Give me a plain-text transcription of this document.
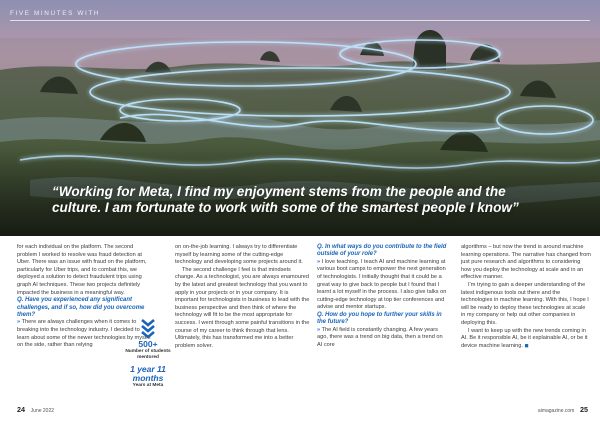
FIVE MINUTES WITH
“Working for Meta, I find my enjoyment stems from the people and the culture. I am fortunate to work with some of the smartest people I know”

for each individual on the platform. The second problem I worked to resolve was fraud detection at Uber. There was an issue with fraud on the platform, particularly for Uber trips, and to combat this, we deployed a solution to detect fraudulent trips using graph AI techniques. These two projects definitely impacted the business in a meaningful way.

Q. Have you experienced any significant challenges, and if so, how did you overcome them?

» There are always challenges when it comes to breaking into the technology industry. I decided to learn about some of the newer technologies by myself on the side, rather than relying	500+
Number of students mentored
1 year 11 months
Years at Meta

on on-the-job learning. I always try to differentiate myself by learning some of the cutting-edge technology and developing some projects around it.

The second challenge I feel is that mindsets change. As a technologist, you are always enamoured by the latest and greatest technology that you want to apply in your projects or in your company. It is important for technologists in business to lead with the business perspective and then think of where the technology will fit to be the most appropriate for success. I went through some painful transitions in the course of my career to think through that lens. Ultimately, this has transformed me into a better problem solver.

Q. In what ways do you contribute to the field outside of your role?

» I love teaching. I teach AI and machine learning at various boot camps to empower the next generation of technologists. I initially thought that it could be a great way to give back to people but I found that I learnt a lot myself in the process. I also give talks on cutting-edge technology at top tier conferences and advise and mentor startups.

Q. How do you hope to further your skills in the future?

» The AI field is constantly changing. A few years ago, there was a trend on big data, then a trend on AI core

algorithms – but now the trend is around machine learning operations. The narrative has changed from just pure research and algorithms to considering how you deploy the technology at scale and in an effective manner.

I’m trying to gain a deeper understanding of the latest indigenous tools out there and the technologies in machine learning. With this, I hope I will be ready to deploy these technologies at scale in my company or help out other companies in deploying this.

I want to keep up with the new trends coming in AI. Be it responsible AI, be it explainable AI, or be it device machine learning. ◼

24 June 2022	aimagazine.com 25
